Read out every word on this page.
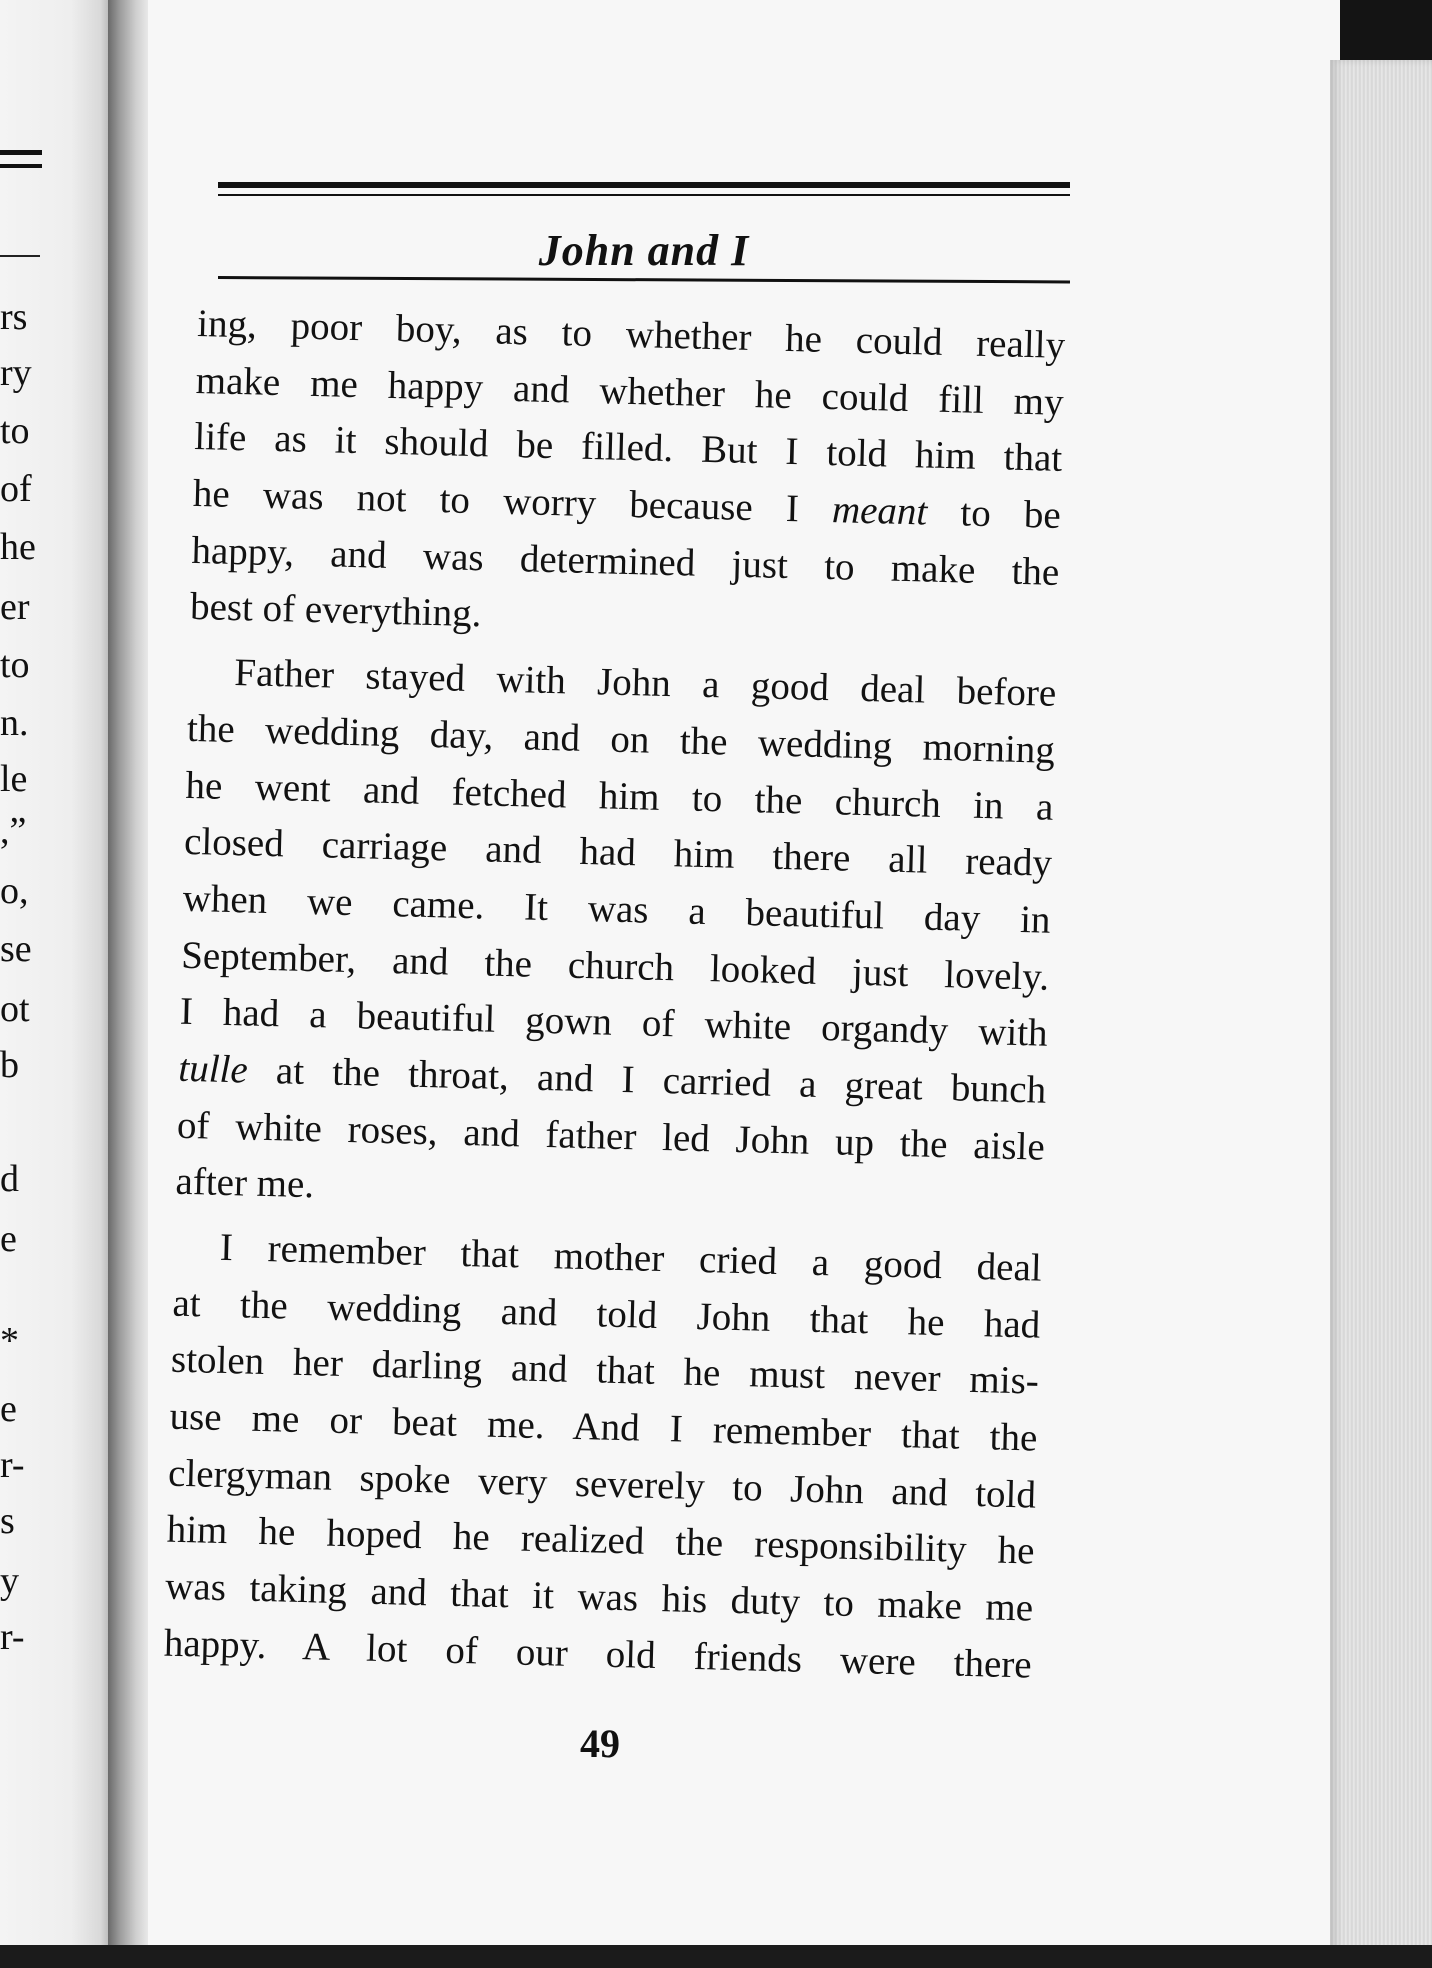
rs
ry
to
of
he
er
to
n.
le
,”
o,
se
ot
b
d
e
*
e
r-
s
y
r-
John and I
ing, poor boy, as to whether he could really
make me happy and whether he could fill my
life as it should be filled. But I told him that
he was not to worry because I meant to be
happy, and was determined just to make the
best of everything.
Father stayed with John a good deal before
the wedding day, and on the wedding morning
he went and fetched him to the church in a
closed carriage and had him there all ready
when we came. It was a beautiful day in
September, and the church looked just lovely.
I had a beautiful gown of white organdy with
tulle at the throat, and I carried a great bunch
of white roses, and father led John up the aisle
after me.
I remember that mother cried a good deal
at the wedding and told John that he had
stolen her darling and that he must never mis-
use me or beat me. And I remember that the
clergyman spoke very severely to John and told
him he hoped he realized the responsibility he
was taking and that it was his duty to make me
happy. A lot of our old friends were there
49
